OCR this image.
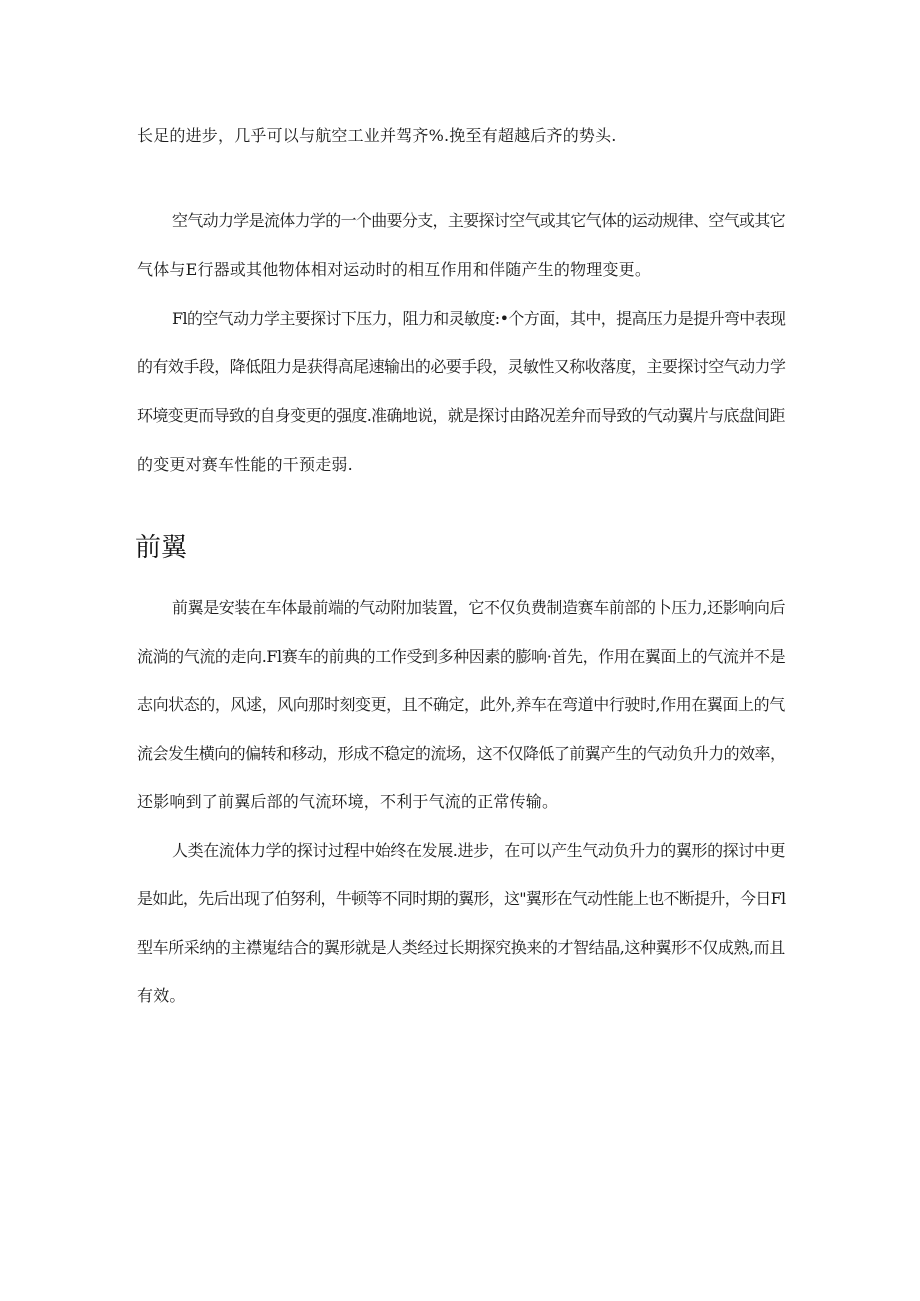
长足的进步，几乎可以与航空工业并驾齐%.挽至有超越后齐的势头.
空气动力学是流体力学的一个曲要分支，主要探讨空气或其它气体的运动规律、空气或其它
气体与E行器或其他物体相对运动时的相互作用和伴随产生的物理变更。
Fl的空气动力学主要探讨下压力，阻力和灵敏度:•个方面，其中，提高压力是提升弯中表现
的有效手段，降低阻力是获得高尾速输出的必要手段，灵敏性又称收落度，主要探讨空气动力学
环境变更而导致的自身变更的强度.准确地说，就是探讨由路况差弁而导致的气动翼片与底盘间距
的变更对赛车性能的干预走弱.
前翼
前翼是安装在车体最前端的气动附加装置，它不仅负费制造赛车前部的卜压力,还影响向后
流淌的气流的走向.Fl赛车的前典的工作受到多种因素的膨响·首先，作用在翼面上的气流并不是
志向状态的，风逑，风向那时刻变更，且不确定，此外,养车在弯道中行驶时,作用在翼面上的气
流会发生横向的偏转和移动，形成不稳定的流场，这不仅降低了前翼产生的气动负升力的效率，
还影响到了前翼后部的气流环境，不利于气流的正常传输。
人类在流体力学的探讨过程中始终在发展.进步，在可以产生气动负升力的翼形的探讨中更
是如此，先后出现了伯努利，牛顿等不同时期的翼形，这"翼形在气动性能上也不断提升，今日Fl
型车所采纳的主襟嵬结合的翼形就是人类经过长期探究换来的才智结晶,这种翼形不仅成熟,而且
有效。
